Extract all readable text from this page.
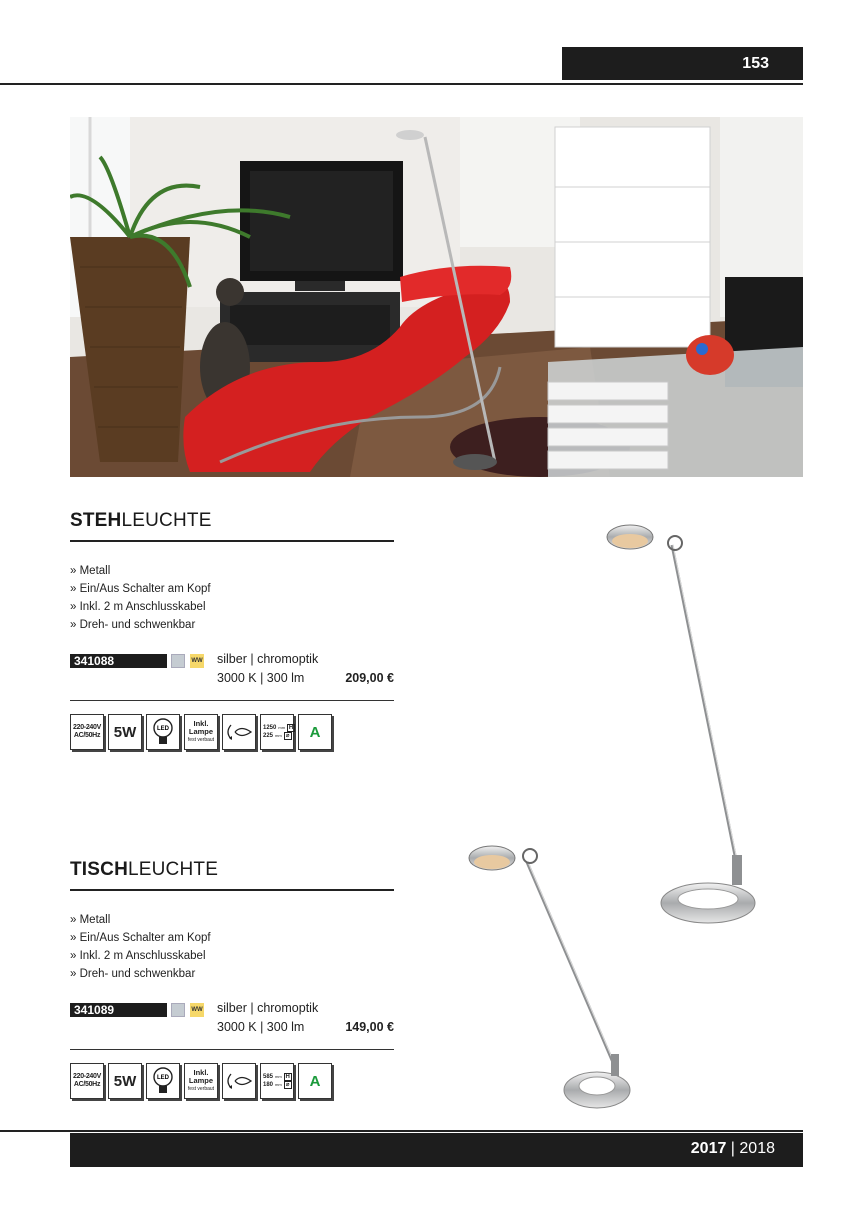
153
STEHLEUCHTE
» Metall
» Ein/Aus Schalter am Kopf
» Inkl. 2 m Anschlusskabel
» Dreh- und schwenkbar
341088	WW silber | chromoptik
3000 K | 300 lm	209,00 €
220-240V
AC/50Hz 5W	LED
Inkl.
Lampe
fest verbaut
1250 mm H
225 mm ⌀	A
TISCHLEUCHTE
» Metall
» Ein/Aus Schalter am Kopf
» Inkl. 2 m Anschlusskabel
» Dreh- und schwenkbar
341089	WW silber | chromoptik
3000 K | 300 lm	149,00 €
220-240V
AC/50Hz 5W	LED
Inkl.
Lampe
fest verbaut
585 mm H
180 mm ⌀	A
2017 | 2018
